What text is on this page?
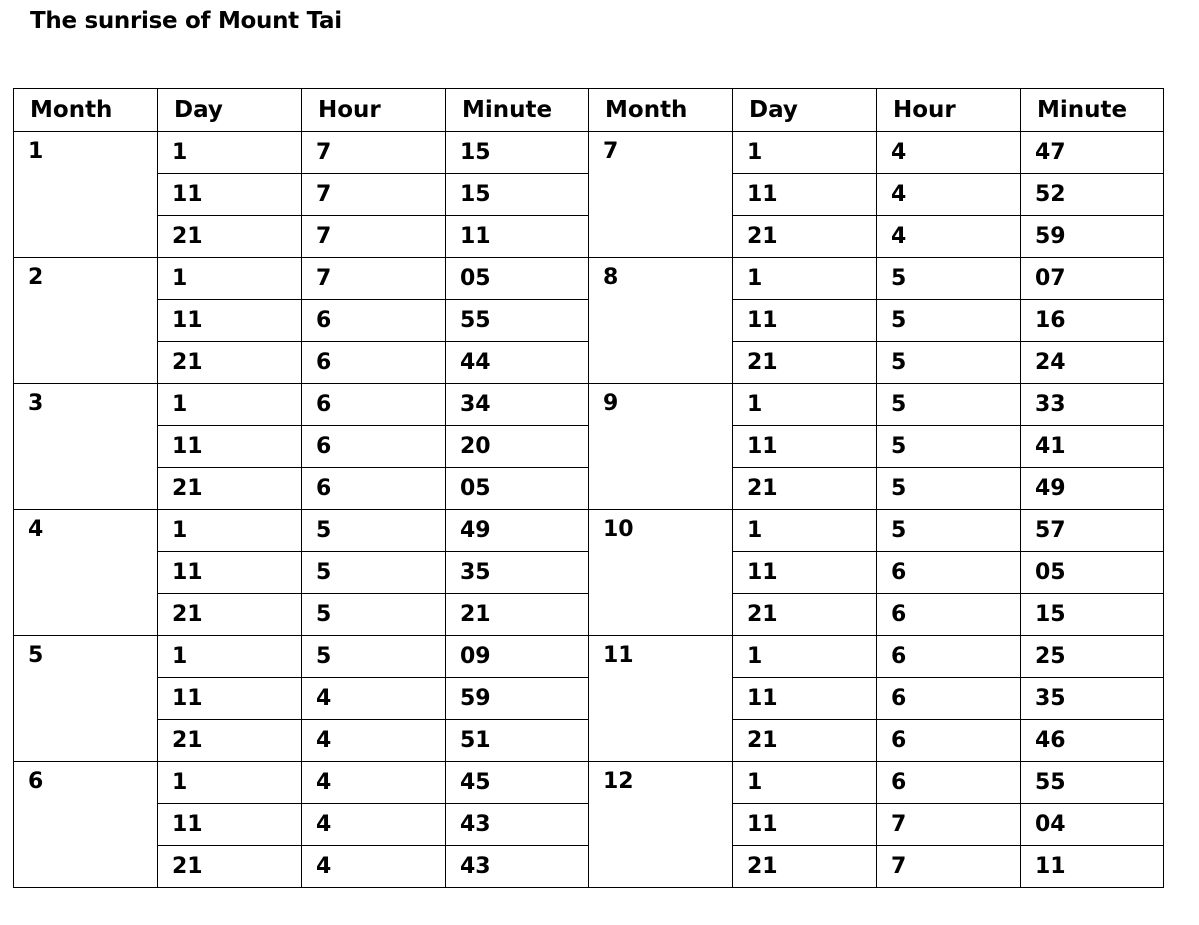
The sunrise of Mount Tai
Month	Day	Hour	Minute	Month	Day	Hour	Minute
1	1	7	15	7	1	4	47
	11	7	15		11	4	52
	21	7	11		21	4	59
2	1	7	05	8	1	5	07
	11	6	55		11	5	16
	21	6	44		21	5	24
3	1	6	34	9	1	5	33
	11	6	20		11	5	41
	21	6	05		21	5	49
4	1	5	49	10	1	5	57
	11	5	35		11	6	05
	21	5	21		21	6	15
5	1	5	09	11	1	6	25
	11	4	59		11	6	35
	21	4	51		21	6	46
6	1	4	45	12	1	6	55
	11	4	43		11	7	04
	21	4	43		21	7	11
